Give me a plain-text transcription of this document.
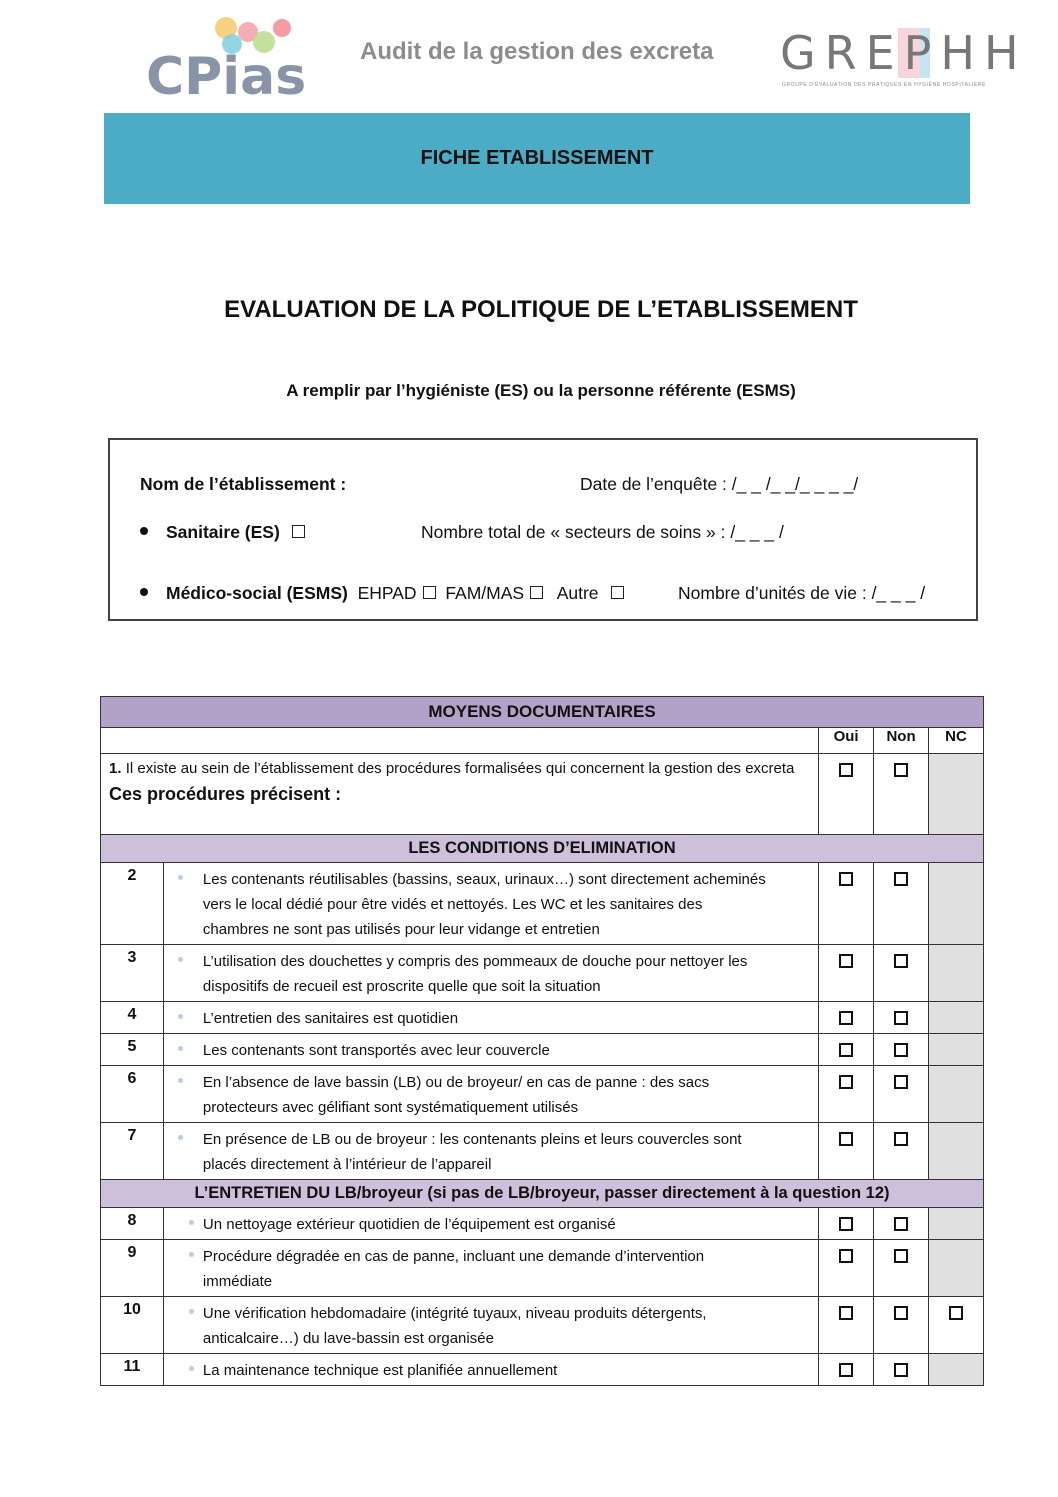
CPias Audit de la gestion des excreta	GREPHH
GROUPE D'ÉVALUATION DES PRATIQUES EN HYGIÈNE HOSPITALIÈRE
FICHE ETABLISSEMENT
EVALUATION DE LA POLITIQUE DE L’ETABLISSEMENT
A remplir par l’hygiéniste (ES) ou la personne référente (ESMS)
Nom de l’établissement :	Date de l’enquête : /_ _ /_ _/_ _ _ _/
Sanitaire (ES)	Nombre total de « secteurs de soins » : /_ _ _ /
Médico-social (ESMS) EHPAD FAM/MAS Autre	Nombre d’unités de vie : /_ _ _ /
MOYENS DOCUMENTAIRES				
		Oui	Non	NC
1. Il existe au sein de l’établissement des procédures formalisées qui concernent la gestion des excreta
Ces procédures précisent :				

LES CONDITIONS D’ELIMINATION				
2	Les contenants réutilisables (bassins, seaux, urinaux…) sont directement acheminés
vers le local dédié pour être vidés et nettoyés. Les WC et les sanitaires des
chambres ne sont pas utilisés pour leur vidange et entretien			

3	L’utilisation des douchettes y compris des pommeaux de douche pour nettoyer les
dispositifs de recueil est proscrite quelle que soit la situation			

4	L’entretien des sanitaires est quotidien			
5	Les contenants sont transportés avec leur couvercle			
6	En l’absence de lave bassin (LB) ou de broyeur/ en cas de panne : des sacs
protecteurs avec gélifiant sont systématiquement utilisés			

7	En présence de LB ou de broyeur : les contenants pleins et leurs couvercles sont
placés directement à l’intérieur de l’appareil			

L’ENTRETIEN DU LB/broyeur (si pas de LB/broyeur, passer directement à la question 12)				
8	Un nettoyage extérieur quotidien de l’équipement est organisé			
9	Procédure dégradée en cas de panne, incluant une demande d’intervention
immédiate			

10	Une vérification hebdomadaire (intégrité tuyaux, niveau produits détergents,
anticalcaire…) du lave-bassin est organisée			

11	La maintenance technique est planifiée annuellement			
